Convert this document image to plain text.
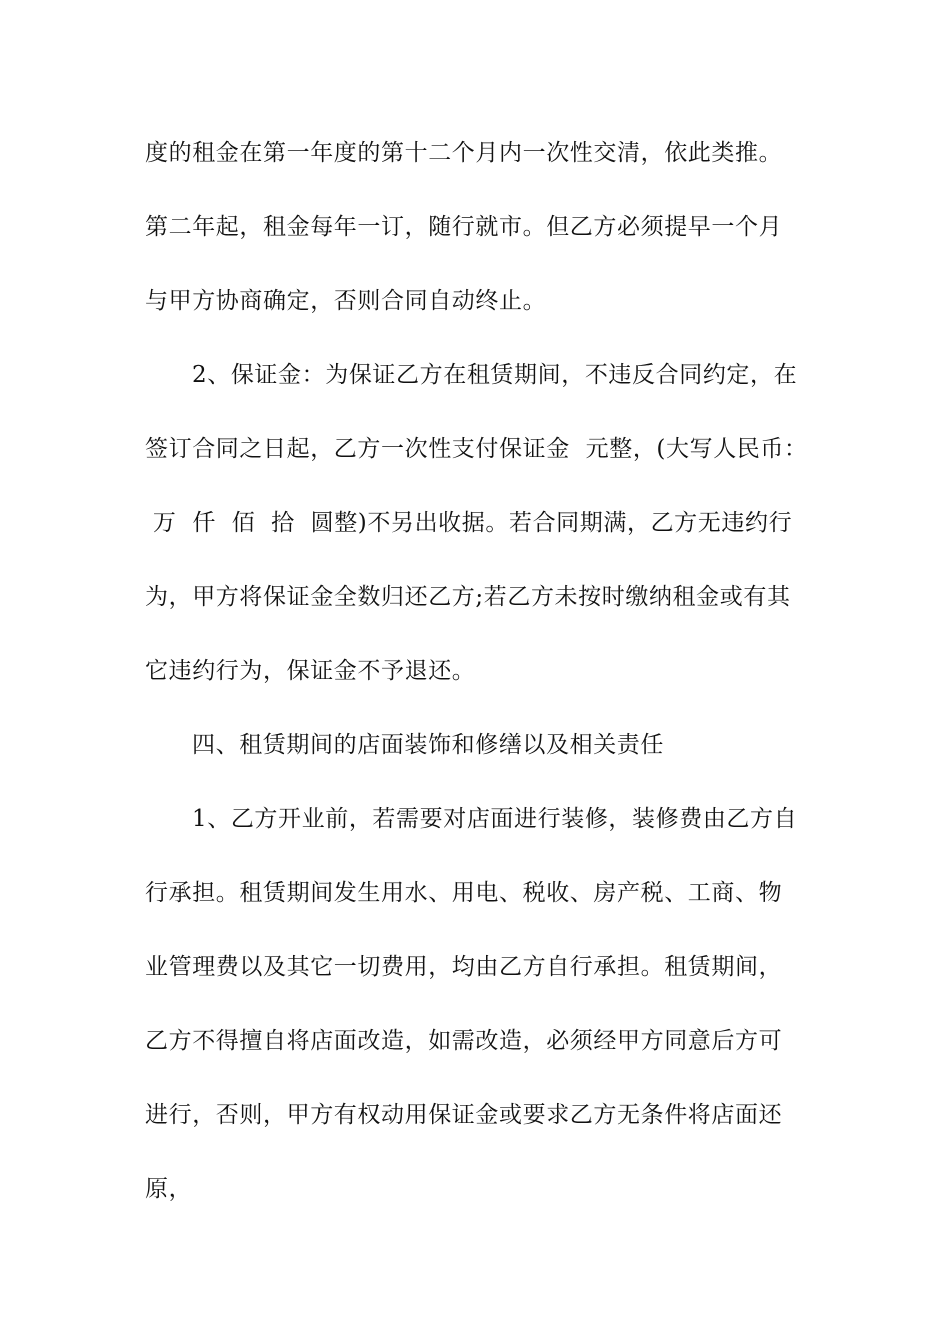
度的租金在第一年度的第十二个月内一次性交清，依此类推。
第二年起，租金每年一订，随行就市。但乙方必须提早一个月
与甲方协商确定，否则合同自动终止。
2、保证金：为保证乙方在租赁期间，不违反合同约定，在
签订合同之日起，乙方一次性支付保证金  元整，(大写人民币：
万  仟  佰  拾  圆整)不另出收据。若合同期满，乙方无违约行
为，甲方将保证金全数归还乙方;若乙方未按时缴纳租金或有其
它违约行为，保证金不予退还。
四、租赁期间的店面装饰和修缮以及相关责任
1、乙方开业前，若需要对店面进行装修，装修费由乙方自
行承担。租赁期间发生用水、用电、税收、房产税、工商、物
业管理费以及其它一切费用，均由乙方自行承担。租赁期间，
乙方不得擅自将店面改造，如需改造，必须经甲方同意后方可
进行，否则，甲方有权动用保证金或要求乙方无条件将店面还
原，
